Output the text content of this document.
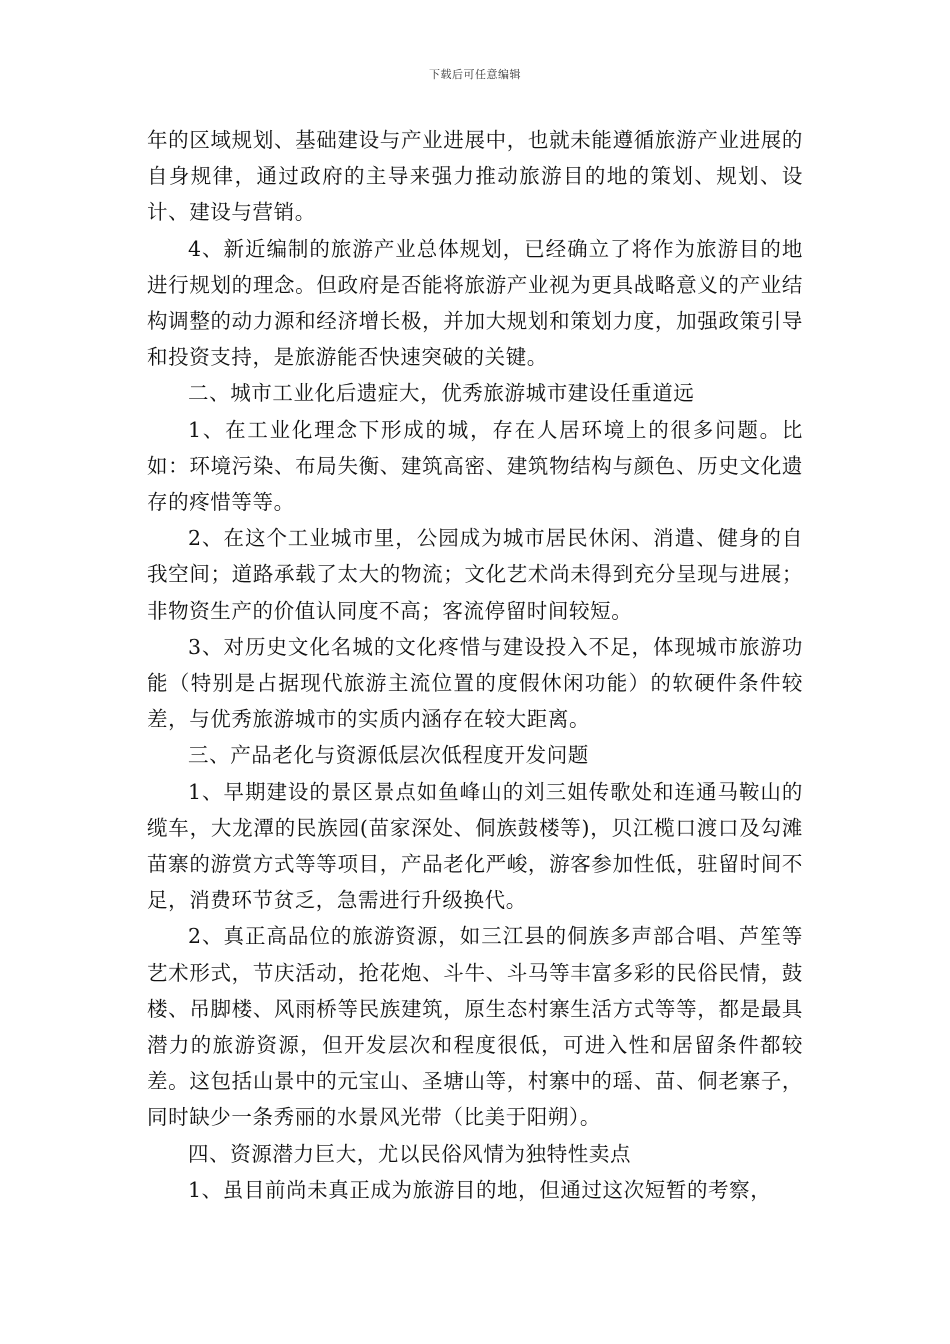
下载后可任意编辑

年的区域规划、基础建设与产业进展中，也就未能遵循旅游产业进展的自身规律，通过政府的主导来强力推动旅游目的地的策划、规划、设计、建设与营销。

4、新近编制的旅游产业总体规划，已经确立了将作为旅游目的地进行规划的理念。但政府是否能将旅游产业视为更具战略意义的产业结构调整的动力源和经济增长极，并加大规划和策划力度，加强政策引导和投资支持，是旅游能否快速突破的关键。

二、城市工业化后遗症大，优秀旅游城市建设任重道远

1、在工业化理念下形成的城，存在人居环境上的很多问题。比如：环境污染、布局失衡、建筑高密、建筑物结构与颜色、历史文化遗存的疼惜等等。

2、在这个工业城市里，公园成为城市居民休闲、消遣、健身的自我空间；道路承载了太大的物流；文化艺术尚未得到充分呈现与进展；非物资生产的价值认同度不高；客流停留时间较短。

3、对历史文化名城的文化疼惜与建设投入不足，体现城市旅游功能（特别是占据现代旅游主流位置的度假休闲功能）的软硬件条件较差，与优秀旅游城市的实质内涵存在较大距离。

三、产品老化与资源低层次低程度开发问题

1、早期建设的景区景点如鱼峰山的刘三姐传歌处和连通马鞍山的缆车，大龙潭的民族园(苗家深处、侗族鼓楼等)，贝江榄口渡口及勾滩苗寨的游赏方式等等项目，产品老化严峻，游客参加性低，驻留时间不足，消费环节贫乏，急需进行升级换代。

2、真正高品位的旅游资源，如三江县的侗族多声部合唱、芦笙等艺术形式，节庆活动，抢花炮、斗牛、斗马等丰富多彩的民俗民情，鼓楼、吊脚楼、风雨桥等民族建筑，原生态村寨生活方式等等，都是最具潜力的旅游资源，但开发层次和程度很低，可进入性和居留条件都较差。这包括山景中的元宝山、圣塘山等，村寨中的瑶、苗、侗老寨子，同时缺少一条秀丽的水景风光带（比美于阳朔）。

四、资源潜力巨大，尤以民俗风情为独特性卖点

1、虽目前尚未真正成为旅游目的地，但通过这次短暂的考察，
